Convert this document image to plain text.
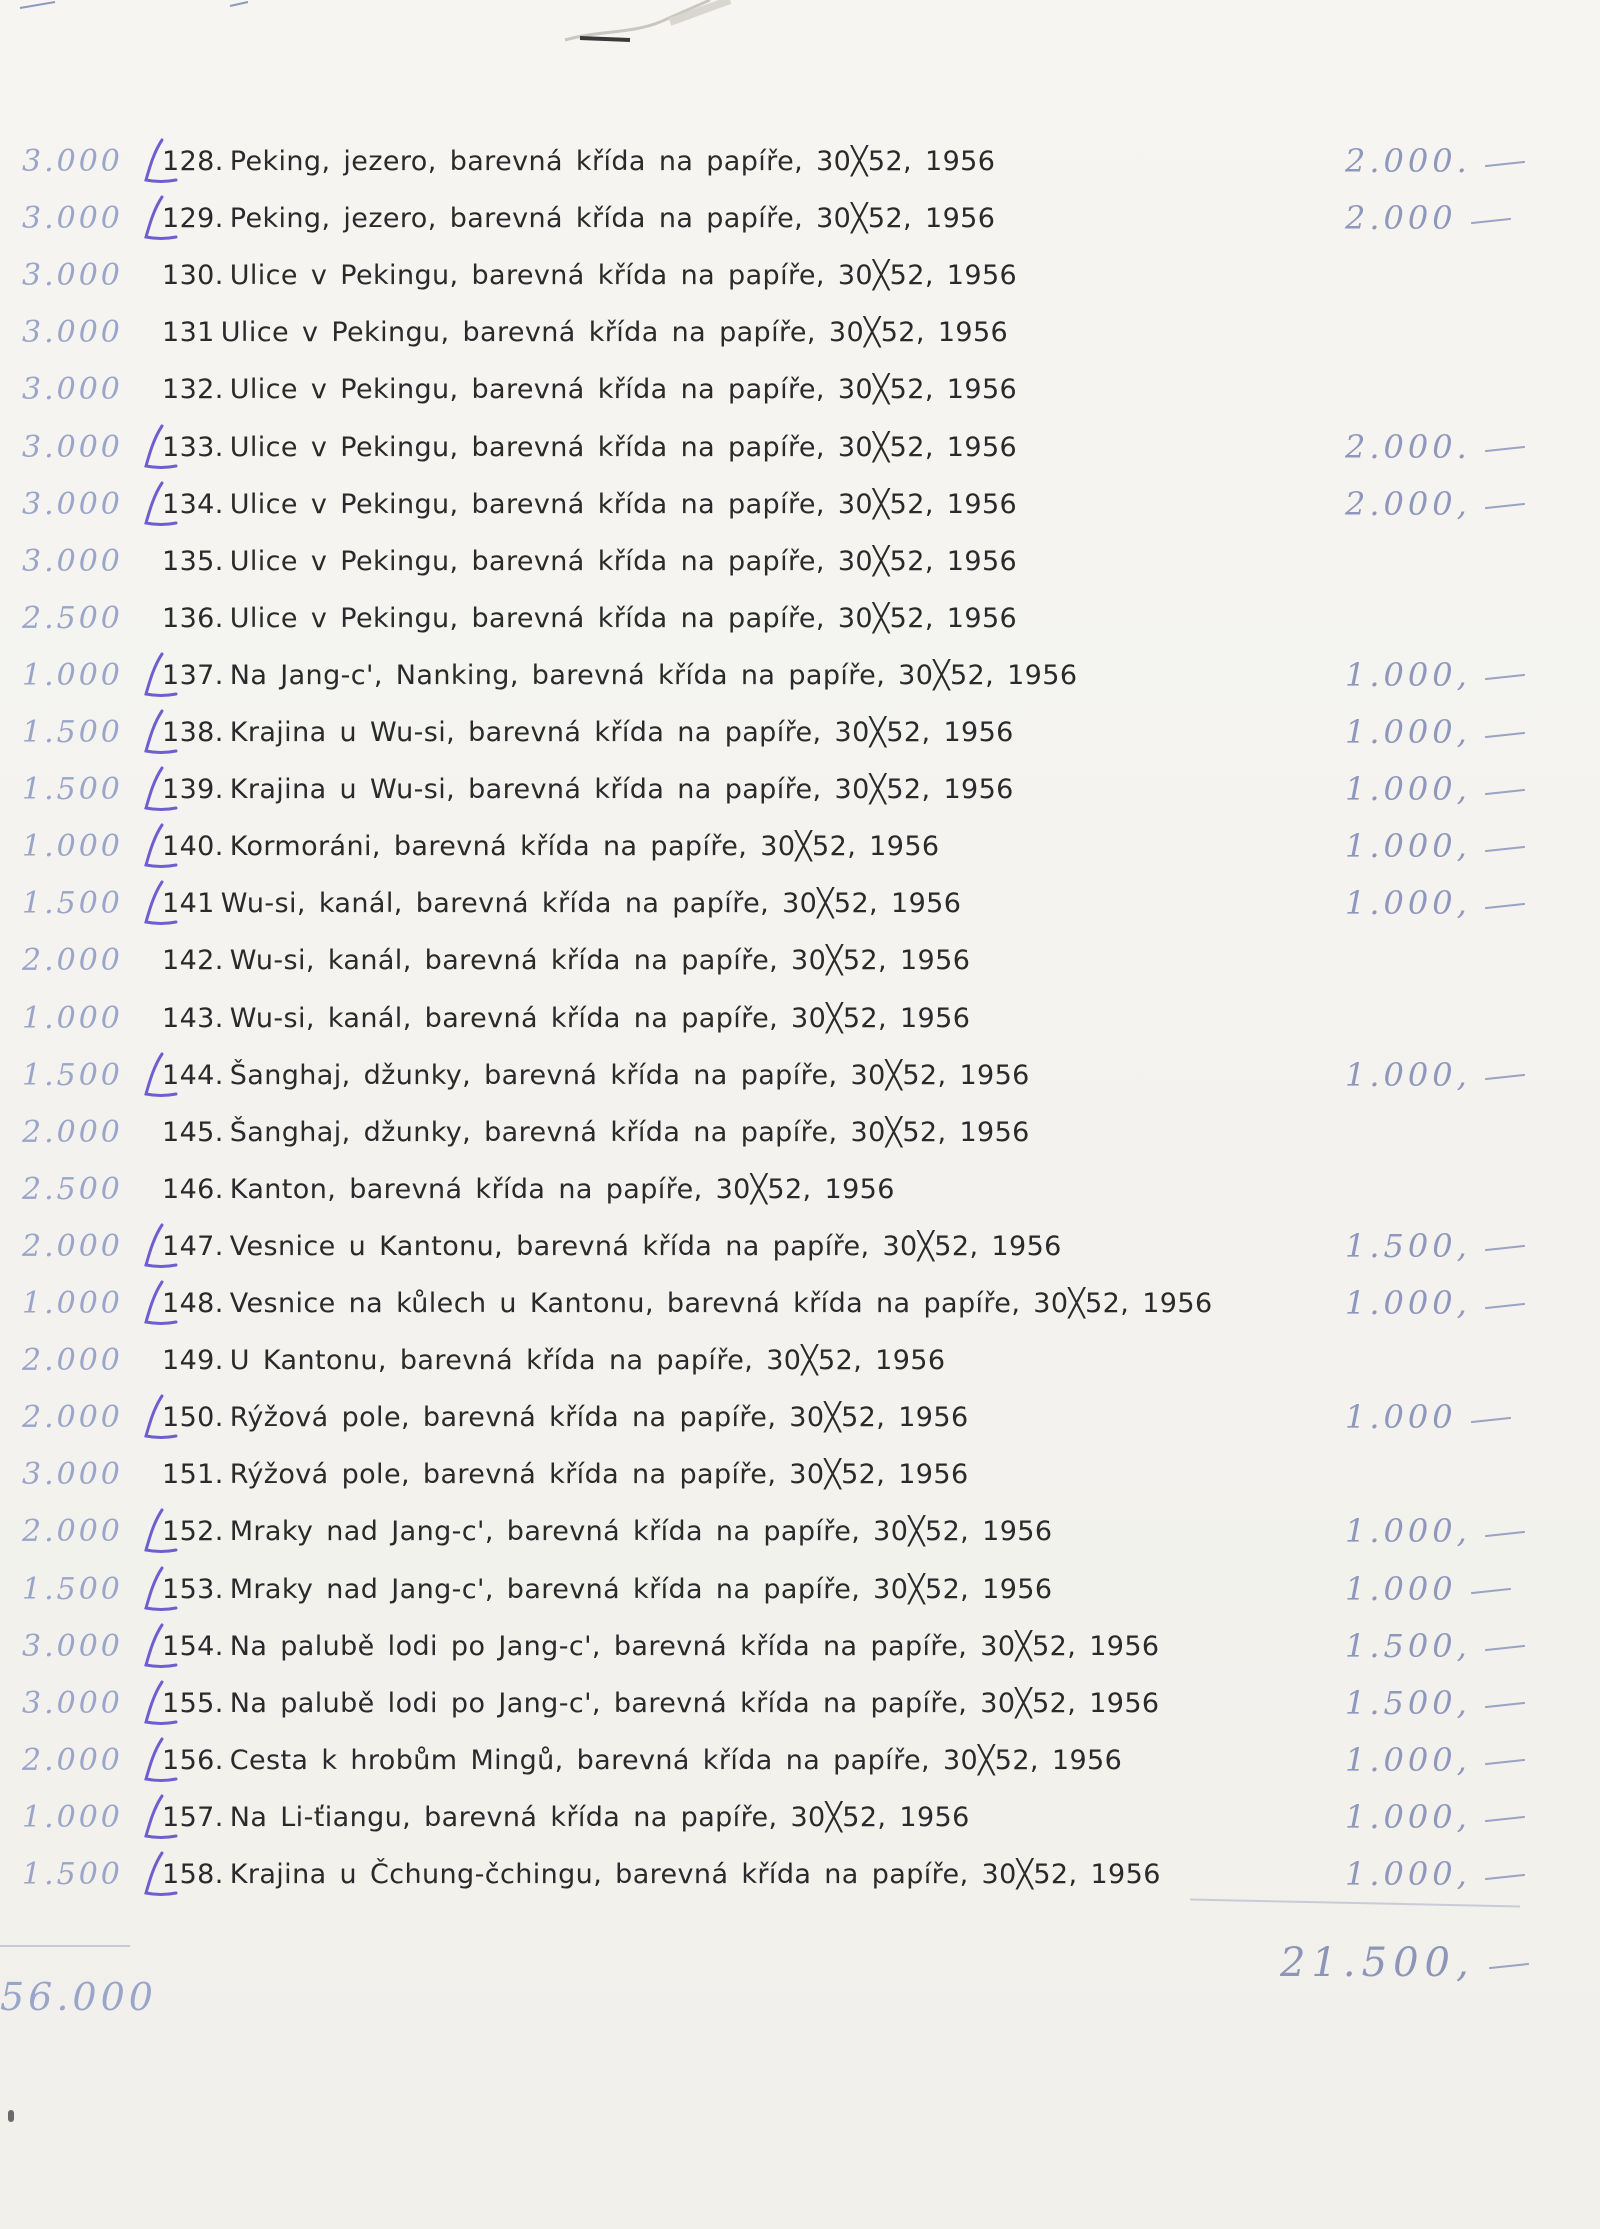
3.000	128. Peking, jezero, barevná křída na papíře, 30╳52, 1956	2.000.
3.000	129. Peking, jezero, barevná křída na papíře, 30╳52, 1956	2.000
3.000	130. Ulice v Pekingu, barevná křída na papíře, 30╳52, 1956
3.000	131 Ulice v Pekingu, barevná křída na papíře, 30╳52, 1956
3.000	132. Ulice v Pekingu, barevná křída na papíře, 30╳52, 1956
3.000	133. Ulice v Pekingu, barevná křída na papíře, 30╳52, 1956	2.000.
3.000	134. Ulice v Pekingu, barevná křída na papíře, 30╳52, 1956	2.000,
3.000	135. Ulice v Pekingu, barevná křída na papíře, 30╳52, 1956
2.500	136. Ulice v Pekingu, barevná křída na papíře, 30╳52, 1956
1.000	137. Na Jang-c', Nanking, barevná křída na papíře, 30╳52, 1956	1.000,
1.500	138. Krajina u Wu-si, barevná křída na papíře, 30╳52, 1956	1.000,
1.500	139. Krajina u Wu-si, barevná křída na papíře, 30╳52, 1956	1.000,
1.000	140. Kormoráni, barevná křída na papíře, 30╳52, 1956	1.000,
1.500	141 Wu-si, kanál, barevná křída na papíře, 30╳52, 1956	1.000,
2.000	142. Wu-si, kanál, barevná křída na papíře, 30╳52, 1956
1.000	143. Wu-si, kanál, barevná křída na papíře, 30╳52, 1956
1.500	144. Šanghaj, džunky, barevná křída na papíře, 30╳52, 1956	1.000,
2.000	145. Šanghaj, džunky, barevná křída na papíře, 30╳52, 1956
2.500	146. Kanton, barevná křída na papíře, 30╳52, 1956
2.000	147. Vesnice u Kantonu, barevná křída na papíře, 30╳52, 1956	1.500,
1.000	148. Vesnice na kůlech u Kantonu, barevná křída na papíře, 30╳52, 1956	1.000,
2.000	149. U Kantonu, barevná křída na papíře, 30╳52, 1956
2.000	150. Rýžová pole, barevná křída na papíře, 30╳52, 1956	1.000
3.000	151. Rýžová pole, barevná křída na papíře, 30╳52, 1956
2.000	152. Mraky nad Jang-c', barevná křída na papíře, 30╳52, 1956	1.000,
1.500	153. Mraky nad Jang-c', barevná křída na papíře, 30╳52, 1956	1.000
3.000	154. Na palubě lodi po Jang-c', barevná křída na papíře, 30╳52, 1956	1.500,
3.000	155. Na palubě lodi po Jang-c', barevná křída na papíře, 30╳52, 1956	1.500,
2.000	156. Cesta k hrobům Mingů, barevná křída na papíře, 30╳52, 1956	1.000,
1.000	157. Na Li-ťiangu, barevná křída na papíře, 30╳52, 1956	1.000,
1.500	158. Krajina u Čchung-čchingu, barevná křída na papíře, 30╳52, 1956	1.000,
56.000
21.500,
